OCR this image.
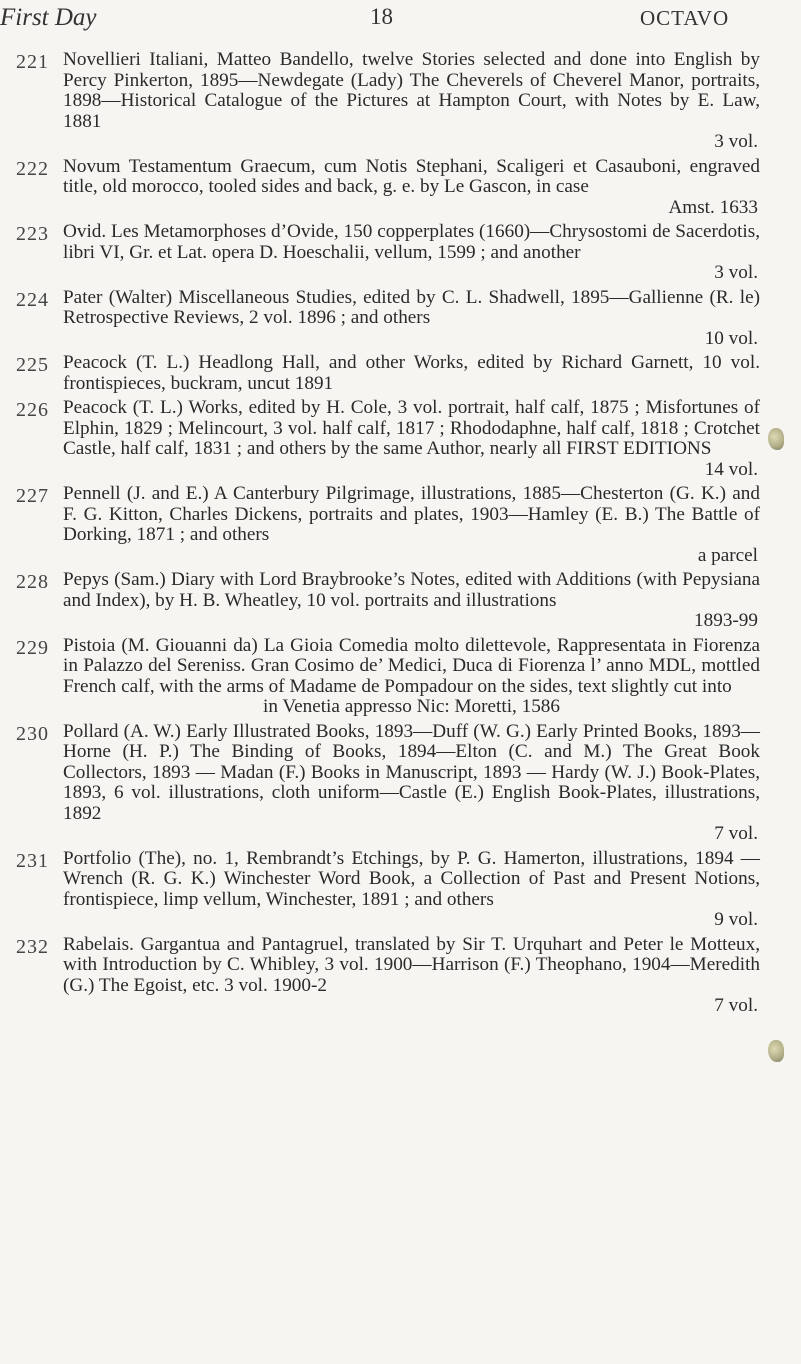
First Day	18	OCTAVO
221 Novellieri Italiani, Matteo Bandello, twelve Stories selected and done into English by Percy Pinkerton, 1895—Newdegate (Lady) The Cheverels of Cheverel Manor, portraits, 1898—Historical Catalogue of the Pictures at Hampton Court, with Notes by E. Law, 1881
3 vol.
222 Novum Testamentum Graecum, cum Notis Stephani, Scaligeri et Casauboni, engraved title, old morocco, tooled sides and back, g. e. by Le Gascon, in case
Amst. 1633
223 Ovid. Les Metamorphoses d’Ovide, 150 copperplates (1660)—Chrysostomi de Sacerdotis, libri VI, Gr. et Lat. opera D. Hoeschalii, vellum, 1599 ; and another
3 vol.
224 Pater (Walter) Miscellaneous Studies, edited by C. L. Shadwell, 1895—Gallienne (R. le) Retrospective Reviews, 2 vol. 1896 ; and others
10 vol.
225 Peacock (T. L.) Headlong Hall, and other Works, edited by Richard Garnett, 10 vol. frontispieces, buckram, uncut 1891
226 Peacock (T. L.) Works, edited by H. Cole, 3 vol. portrait, half calf, 1875 ; Misfortunes of Elphin, 1829 ; Melincourt, 3 vol. half calf, 1817 ; Rhododaphne, half calf, 1818 ; Crotchet Castle, half calf, 1831 ; and others by the same Author, nearly all FIRST EDITIONS
14 vol.
227 Pennell (J. and E.) A Canterbury Pilgrimage, illustrations, 1885—Chesterton (G. K.) and F. G. Kitton, Charles Dickens, portraits and plates, 1903—Hamley (E. B.) The Battle of Dorking, 1871 ; and others
a parcel
228 Pepys (Sam.) Diary with Lord Braybrooke’s Notes, edited with Additions (with Pepysiana and Index), by H. B. Wheatley, 10 vol. portraits and illustrations
1893-99
229 Pistoia (M. Giouanni da) La Gioia Comedia molto dilettevole, Rappresentata in Fiorenza in Palazzo del Sereniss. Gran Cosimo de’ Medici, Duca di Fiorenza l’ anno MDL, mottled French calf, with the arms of Madame de Pompadour on the sides, text slightly cut into
in Venetia appresso Nic: Moretti, 1586
230 Pollard (A. W.) Early Illustrated Books, 1893—Duff (W. G.) Early Printed Books, 1893—Horne (H. P.) The Binding of Books, 1894—Elton (C. and M.) The Great Book Collectors, 1893 — Madan (F.) Books in Manuscript, 1893 — Hardy (W. J.) Book-Plates, 1893, 6 vol. illustrations, cloth uniform—Castle (E.) English Book-Plates, illustrations, 1892
7 vol.
231 Portfolio (The), no. 1, Rembrandt’s Etchings, by P. G. Hamerton, illustrations, 1894 — Wrench (R. G. K.) Winchester Word Book, a Collection of Past and Present Notions, frontispiece, limp vellum, Winchester, 1891 ; and others
9 vol.
232 Rabelais. Gargantua and Pantagruel, translated by Sir T. Urquhart and Peter le Motteux, with Introduction by C. Whibley, 3 vol. 1900—Harrison (F.) Theophano, 1904—Meredith (G.) The Egoist, etc. 3 vol. 1900-2
7 vol.
